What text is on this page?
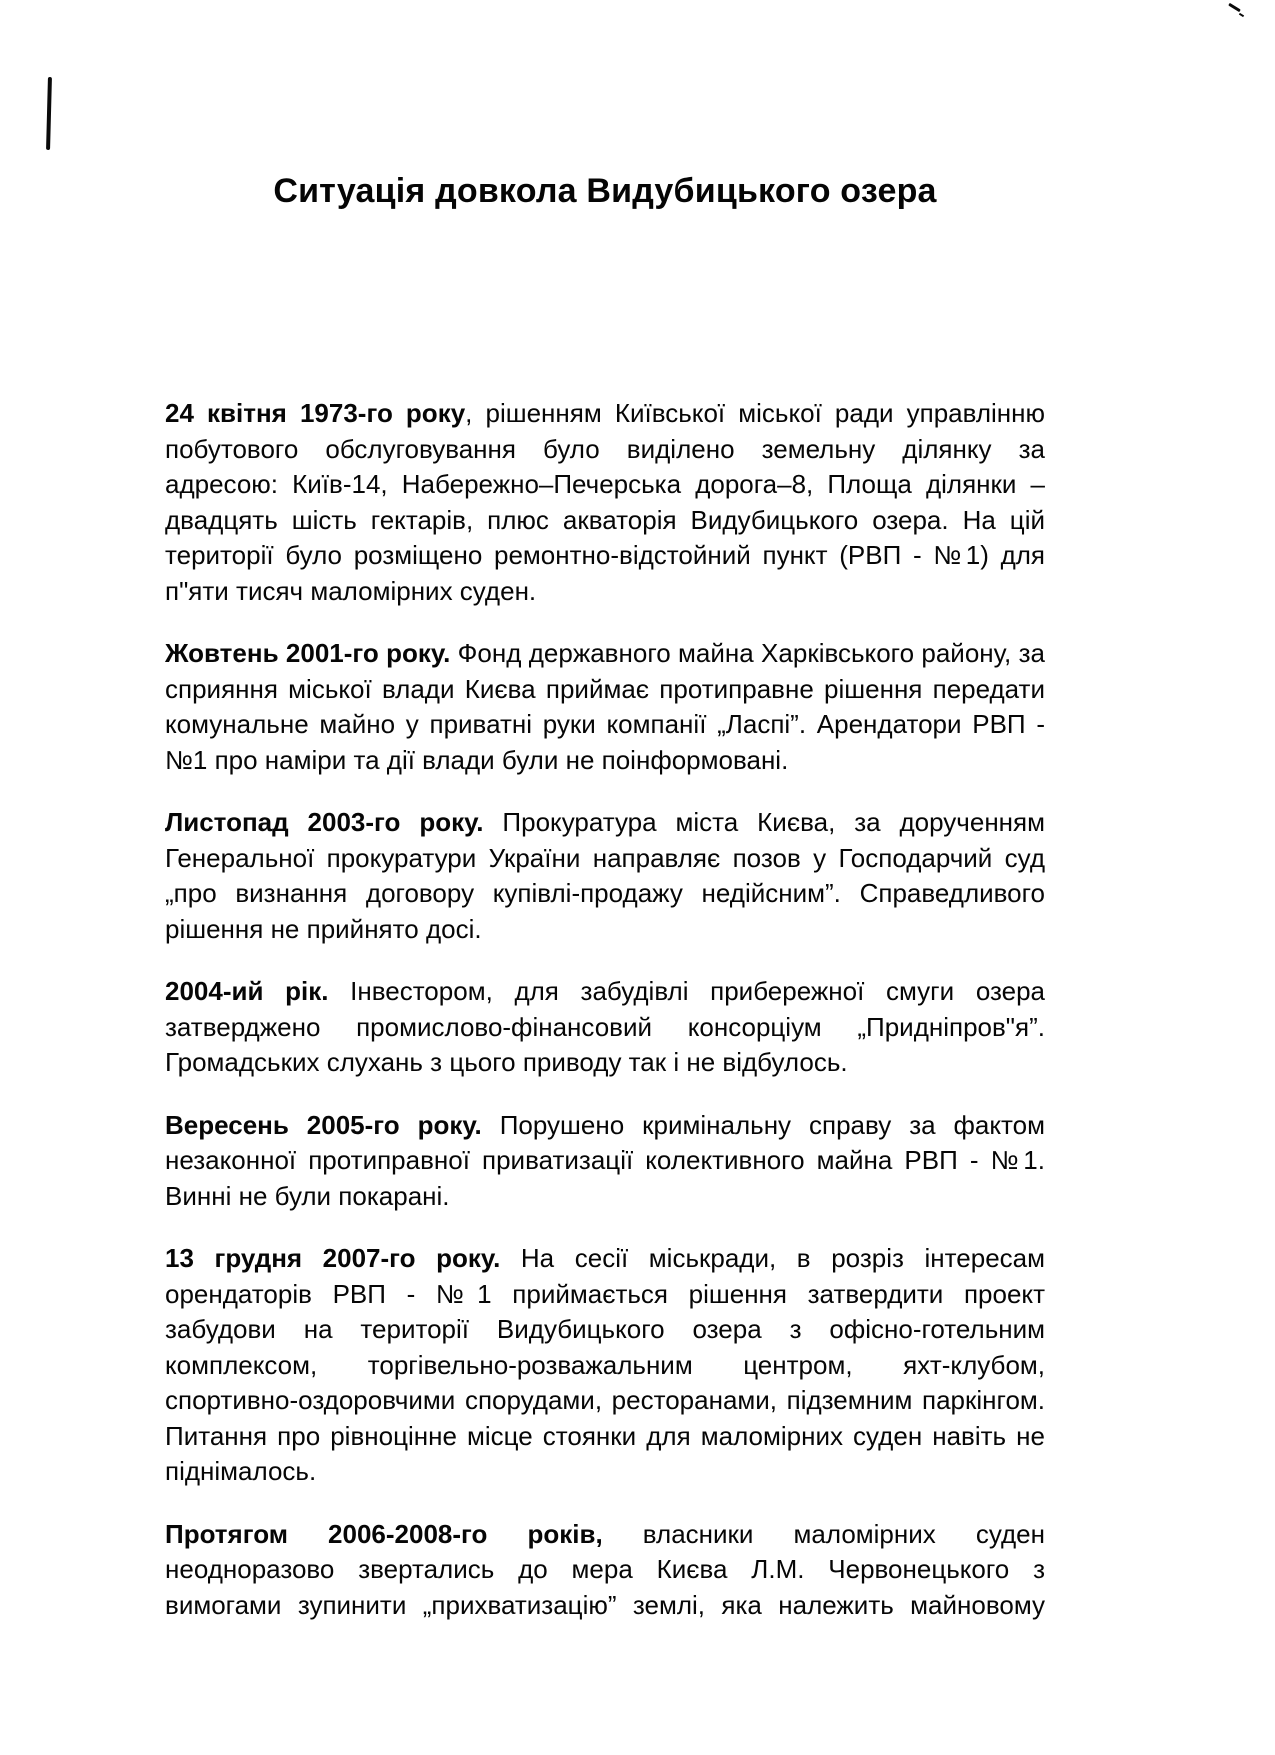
Ситуація довкола Видубицького озера

24 квітня 1973-го року, рішенням Київської міської ради управлінню побутового обслуговування було виділено земельну ділянку за адресою: Київ-14, Набережно–Печерська дорога–8, Площа ділянки – двадцять шість гектарів, плюс акваторія Видубицького озера. На цій території було розміщено ремонтно-відстойний пункт (РВП - №1) для п"яти тисяч маломірних суден.

Жовтень 2001-го року. Фонд державного майна Харківського району, за сприяння міської влади Києва приймає протиправне рішення передати комунальне майно у приватні руки компанії „Ласпі”. Арендатори РВП - №1 про наміри та дії влади були не поінформовані.

Листопад 2003-го року. Прокуратура міста Києва, за дорученням Генеральної прокуратури України направляє позов у Господарчий суд „про визнання договору купівлі-продажу недійсним”. Справедливого рішення не прийнято досі.

2004-ий рік. Інвестором, для забудівлі прибережної смуги озера затверджено промислово-фінансовий консорціум „Придніпров"я”. Громадських слухань з цього приводу так і не відбулось.

Вересень 2005-го року. Порушено кримінальну справу за фактом незаконної протиправної приватизації колективного майна РВП - №1. Винні не були покарані.

13 грудня 2007-го року. На сесії міськради, в розріз інтересам орендаторів РВП - №1 приймається рішення затвердити проект забудови на території Видубицького озера з офісно-готельним комплексом, торгівельно-розважальним центром, яхт-клубом, спортивно-оздоровчими спорудами, ресторанами, підземним паркінгом. Питання про рівноцінне місце стоянки для маломірних суден навіть не піднімалось.

Протягом 2006-2008-го років, власники маломірних суден неодноразово звертались до мера Києва Л.М. Червонецького з вимогами зупинити „прихватизацію” землі, яка належить майновому
